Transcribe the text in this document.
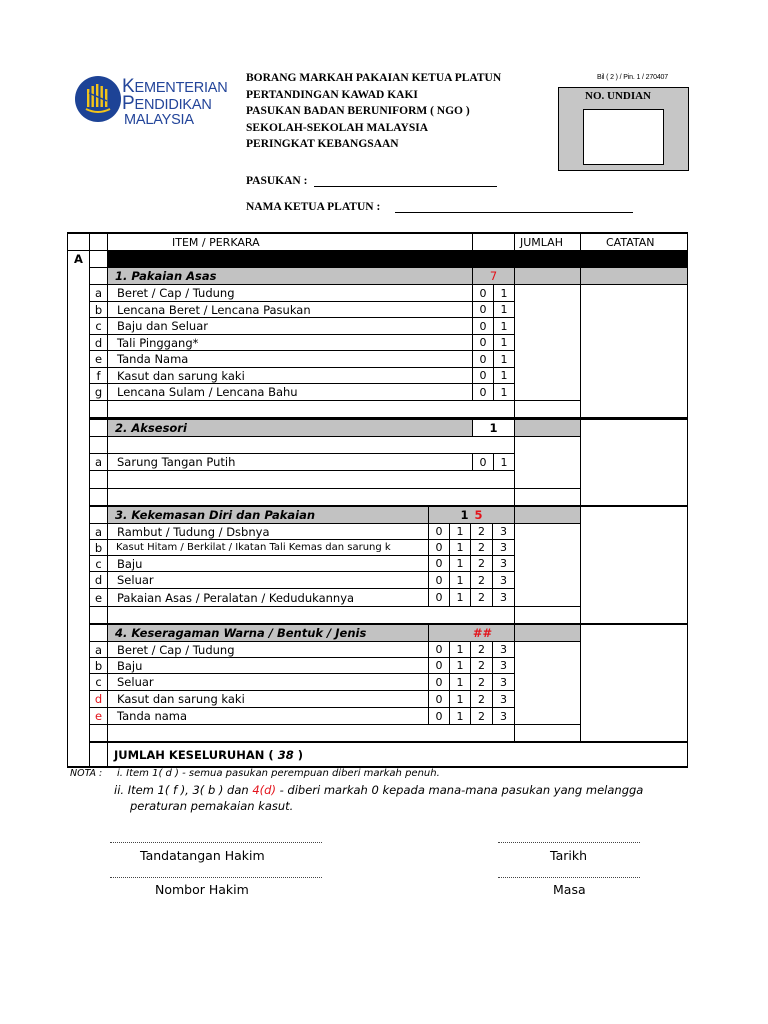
KEMENTERIAN
PENDIDIKAN
MALAYSIA
BORANG MARKAH PAKAIAN KETUA PLATUN
PERTANDINGAN KAWAD KAKI
PASUKAN BADAN BERUNIFORM ( NGO )
SEKOLAH-SEKOLAH MALAYSIA
PERINGKAT KEBANGSAAN
Bil ( 2 ) / Pin. 1 / 270407
NO. UNDIAN
PASUKAN :
NAMA KETUA PLATUN :
ITEM / PERKARA	JUMLAH	CATATAN
A
1. Pakaian Asas	7
a	Beret / Cap / Tudung	0	1
b	Lencana Beret / Lencana Pasukan	0	1
c	Baju dan Seluar	0	1
d	Tali Pinggang*	0	1
e	Tanda Nama	0	1
f	Kasut dan sarung kaki	0	1
g	Lencana Sulam / Lencana Bahu	0	1
2. Aksesori	1
a	Sarung Tangan Putih	0	1
3. Kekemasan Diri dan Pakaian	1 5
a	Rambut / Tudung / Dsbnya	0	1	2	3
b	Kasut Hitam / Berkilat / Ikatan Tali Kemas dan sarung k	0	1	2	3
c	Baju	0	1	2	3
d	Seluar	0	1	2	3
e	Pakaian Asas / Peralatan / Kedudukannya	0	1	2	3
4. Keseragaman Warna / Bentuk / Jenis	##
a	Beret / Cap / Tudung	0	1	2	3
b	Baju	0	1	2	3
c	Seluar	0	1	2	3
d	Kasut dan sarung kaki	0	1	2	3
e	Tanda nama	0	1	2	3
JUMLAH KESELURUHAN (
38
)
NOTA : i. Item 1( d ) - semua pasukan perempuan diberi markah penuh.
ii. Item 1( f ), 3( b ) dan 4(d) - diberi markah 0 kepada mana-mana pasukan yang melangga
peraturan pemakaian kasut.
Tandatangan Hakim
Nombor Hakim
Tarikh
Masa
